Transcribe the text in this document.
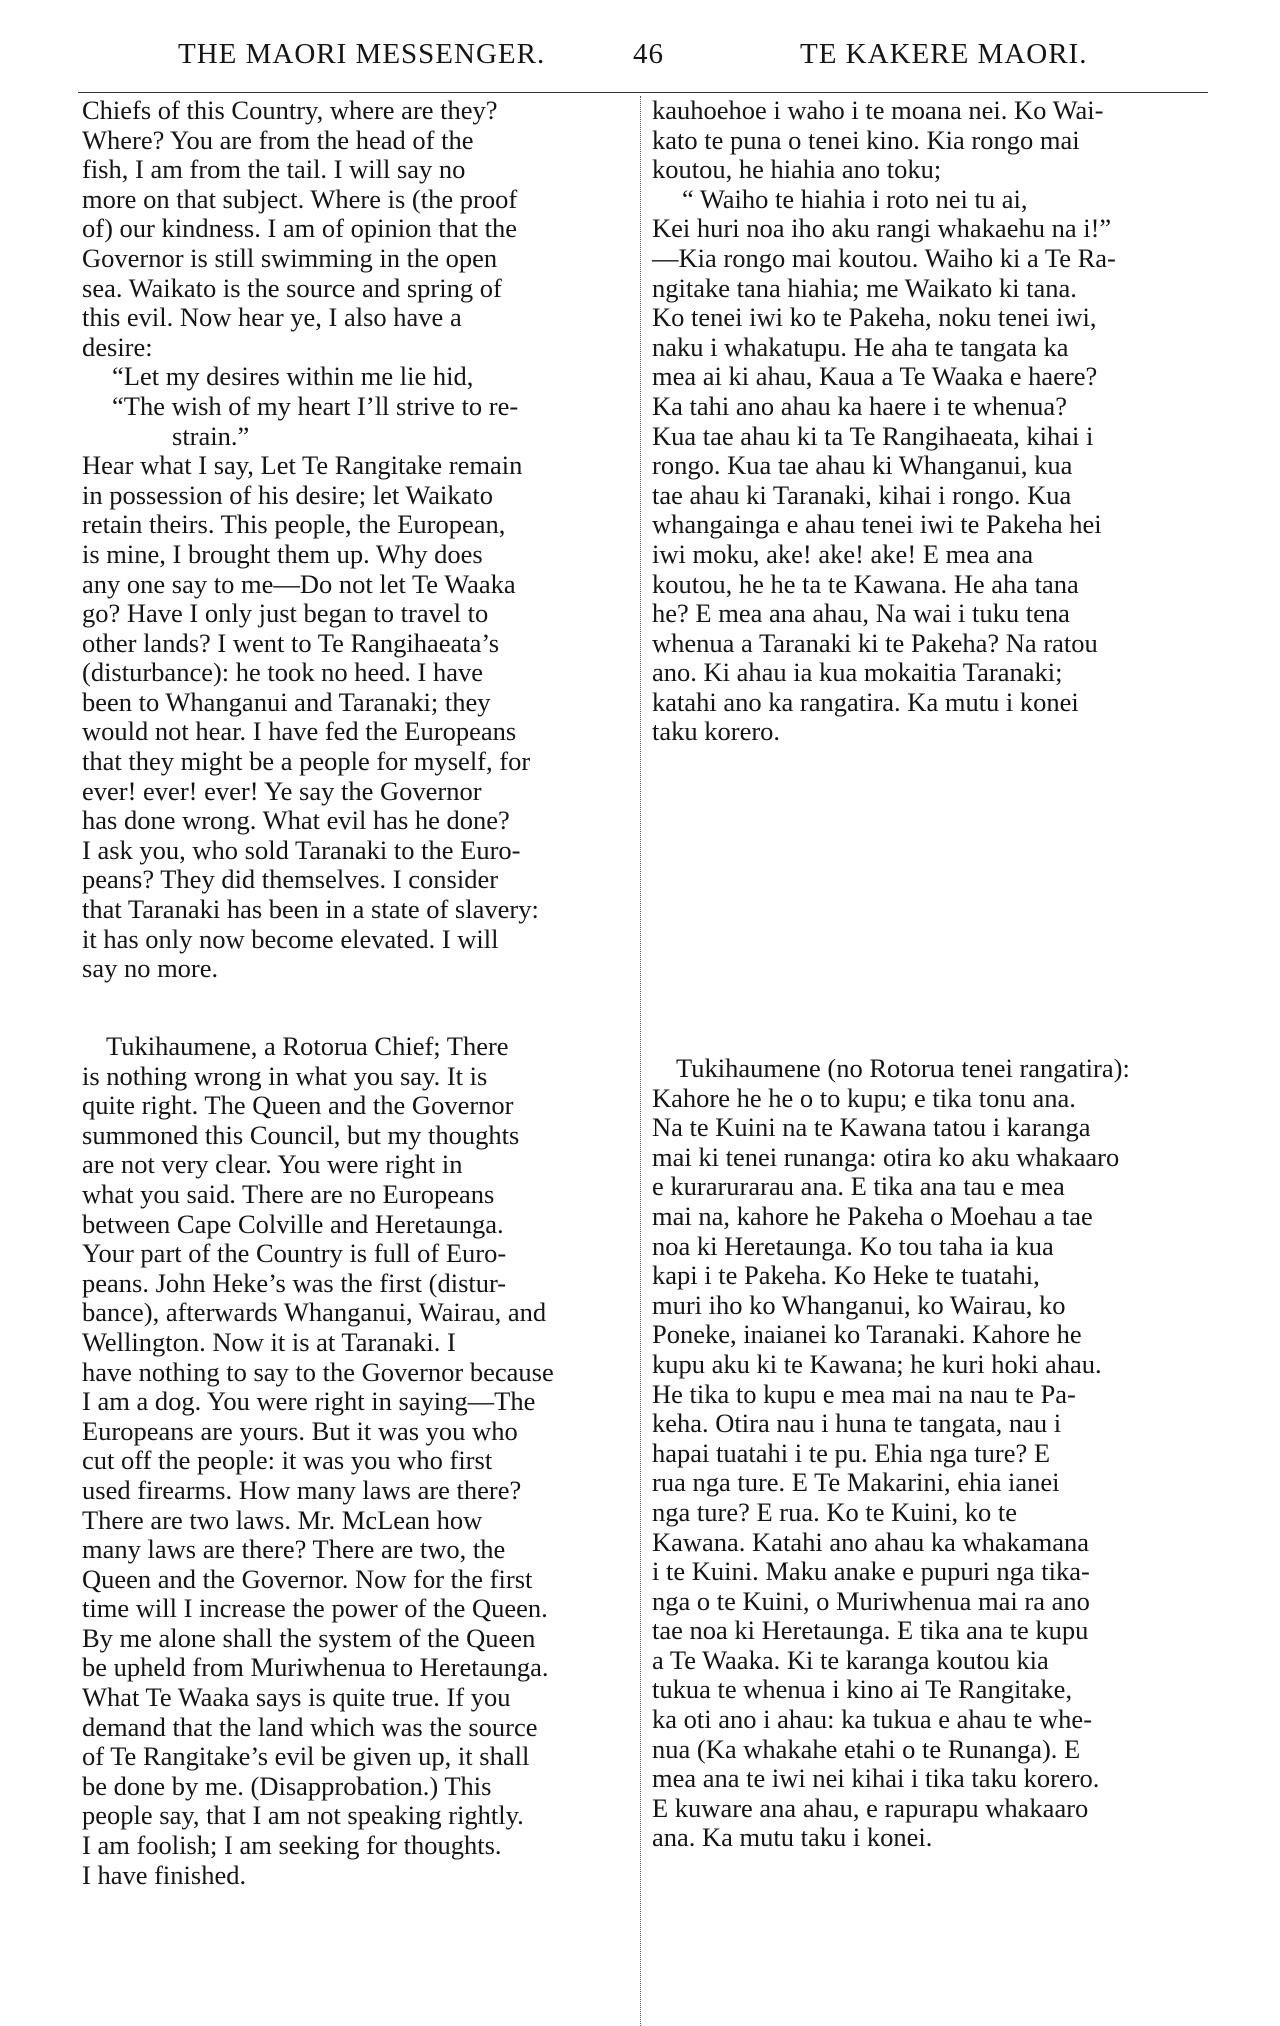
THE MAORI MESSENGER.	46	TE KAKERE MAORI.
Chiefs of this Country, where are they?
Where? You are from the head of the
fish, I am from the tail. I will say no
more on that subject. Where is (the proof
of) our kindness. I am of opinion that the
Governor is still swimming in the open
sea. Waikato is the source and spring of
this evil. Now hear ye, I also have a
desire:
“Let my desires within me lie hid,
“The wish of my heart I’ll strive to re-
strain.”
Hear what I say, Let Te Rangitake remain
in possession of his desire; let Waikato
retain theirs. This people, the European,
is mine, I brought them up. Why does
any one say to me—Do not let Te Waaka
go? Have I only just began to travel to
other lands? I went to Te Rangihaeata’s
(disturbance): he took no heed. I have
been to Whanganui and Taranaki; they
would not hear. I have fed the Europeans
that they might be a people for myself, for
ever! ever! ever! Ye say the Governor
has done wrong. What evil has he done?
I ask you, who sold Taranaki to the Euro-
peans? They did themselves. I consider
that Taranaki has been in a state of slavery:
it has only now become elevated. I will
say no more.
Tukihaumene, a Rotorua Chief; There
is nothing wrong in what you say. It is
quite right. The Queen and the Governor
summoned this Council, but my thoughts
are not very clear. You were right in
what you said. There are no Europeans
between Cape Colville and Heretaunga.
Your part of the Country is full of Euro-
peans. John Heke’s was the first (distur-
bance), afterwards Whanganui, Wairau, and
Wellington. Now it is at Taranaki. I
have nothing to say to the Governor because
I am a dog. You were right in saying—The
Europeans are yours. But it was you who
cut off the people: it was you who first
used firearms. How many laws are there?
There are two laws. Mr. McLean how
many laws are there? There are two, the
Queen and the Governor. Now for the first
time will I increase the power of the Queen.
By me alone shall the system of the Queen
be upheld from Muriwhenua to Heretaunga.
What Te Waaka says is quite true. If you
demand that the land which was the source
of Te Rangitake’s evil be given up, it shall
be done by me. (Disapprobation.) This
people say, that I am not speaking rightly.
I am foolish; I am seeking for thoughts.
I have finished.
kauhoehoe i waho i te moana nei. Ko Wai-
kato te puna o tenei kino. Kia rongo mai
koutou, he hiahia ano toku;
“ Waiho te hiahia i roto nei tu ai,
Kei huri noa iho aku rangi whakaehu na i!”
—Kia rongo mai koutou. Waiho ki a Te Ra-
ngitake tana hiahia; me Waikato ki tana.
Ko tenei iwi ko te Pakeha, noku tenei iwi,
naku i whakatupu. He aha te tangata ka
mea ai ki ahau, Kaua a Te Waaka e haere?
Ka tahi ano ahau ka haere i te whenua?
Kua tae ahau ki ta Te Rangihaeata, kihai i
rongo. Kua tae ahau ki Whanganui, kua
tae ahau ki Taranaki, kihai i rongo. Kua
whangainga e ahau tenei iwi te Pakeha hei
iwi moku, ake! ake! ake! E mea ana
koutou, he he ta te Kawana. He aha tana
he? E mea ana ahau, Na wai i tuku tena
whenua a Taranaki ki te Pakeha? Na ratou
ano. Ki ahau ia kua mokaitia Taranaki;
katahi ano ka rangatira. Ka mutu i konei
taku korero.
Tukihaumene (no Rotorua tenei rangatira):
Kahore he he o to kupu; e tika tonu ana.
Na te Kuini na te Kawana tatou i karanga
mai ki tenei runanga: otira ko aku whakaaro
e kurarurarau ana. E tika ana tau e mea
mai na, kahore he Pakeha o Moehau a tae
noa ki Heretaunga. Ko tou taha ia kua
kapi i te Pakeha. Ko Heke te tuatahi,
muri iho ko Whanganui, ko Wairau, ko
Poneke, inaianei ko Taranaki. Kahore he
kupu aku ki te Kawana; he kuri hoki ahau.
He tika to kupu e mea mai na nau te Pa-
keha. Otira nau i huna te tangata, nau i
hapai tuatahi i te pu. Ehia nga ture? E
rua nga ture. E Te Makarini, ehia ianei
nga ture? E rua. Ko te Kuini, ko te
Kawana. Katahi ano ahau ka whakamana
i te Kuini. Maku anake e pupuri nga tika-
nga o te Kuini, o Muriwhenua mai ra ano
tae noa ki Heretaunga. E tika ana te kupu
a Te Waaka. Ki te karanga koutou kia
tukua te whenua i kino ai Te Rangitake,
ka oti ano i ahau: ka tukua e ahau te whe-
nua (Ka whakahe etahi o te Runanga). E
mea ana te iwi nei kihai i tika taku korero.
E kuware ana ahau, e rapurapu whakaaro
ana. Ka mutu taku i konei.
